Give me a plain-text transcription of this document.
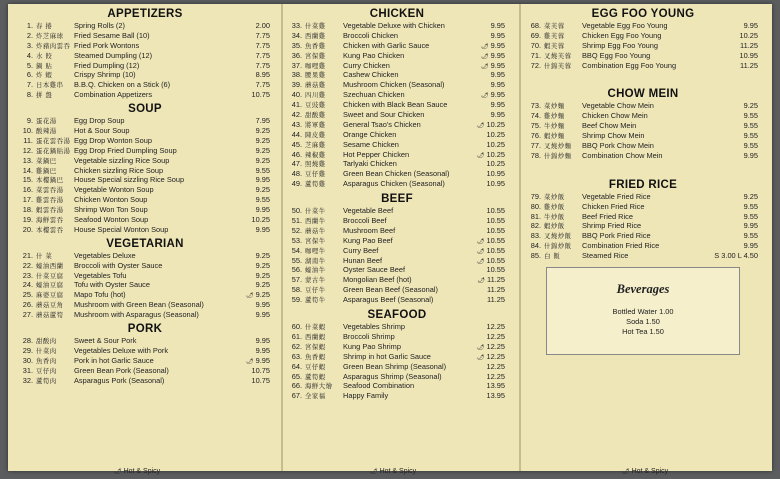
APPETIZERS
1. 春 捲	Spring Rolls (2)	2.00
2. 炸芝麻球	Fried Sesame Ball (10)	7.75
3. 炸豬肉雲吞 Fried Pork Wontons	7.75
4. 水 餃	Steamed Dumpling (12)	7.75
5. 鍋 貼	Fried Dumpling (12)	7.75
6. 炸 蝦	Crispy Shrimp (10)	8.95
7. 日本雞串	B.B.Q. Chicken on a Stick (6)	7.75
8. 拼 盤	Combination Appetizers	10.75
SOUP
9. 蛋花湯	Egg Drop Soup	7.95
10. 酸辣湯	Hot & Sour Soup	9.25
11. 蛋花雲吞湯 Egg Drop Wonton Soup	9.25
12. 蛋花鍋貼湯 Egg Drop Fried Dumpling Soup	9.25
13. 菜鍋巴	Vegetable sizzling Rice Soup	9.25
14. 雞鍋巴	Chicken sizzling Rice Soup	9.55
15. 本樓鍋巴	House Special sizzling Rice Soup	9.95
16. 菜雲吞湯	Vegetable Wonton Soup	9.25
17. 雞雲吞湯	Chicken Wonton Soup	9.55
18. 蝦雲吞湯	Shrimp Won Ton Soup	9.95
19. 海鮮雲吞	Seafood Wonton Soup	10.25
20. 本樓雲吞	House Special Wonton Soup	9.95
VEGETARIAN
21. 什 菜	Vegetables Deluxe	9.25
22. 蠔油西蘭	Broccoli with Oyster Sauce	9.25
23. 什菜豆腐	Vegetables Tofu	9.25
24. 蠔油豆腐	Tofu with Oyster Sauce	9.25
25. 麻婆豆腐	Mapo Tofu (hot)	🌶 9.25
26. 蘑菇豆角	Mushroom with Green Bean (Seasonal)	9.95
27. 蘑菇蘆筍	Mushroom with Asparagus (Seasonal)	9.95
PORK
28. 甜酸肉	Sweet & Sour Pork	9.95
29. 什菜肉	Vegetables Deluxe with Pork	9.95
30. 魚香肉	Pork in hot Garlic Sauce	🌶 9.95
31. 豆仔肉	Green Bean Pork (Seasonal)	10.75
32. 蘆筍肉	Asparagus Pork (Seasonal)	10.75
CHICKEN
33. 什菜雞	Vegetable Deluxe with Chicken	9.95
34. 西蘭雞	Broccoli Chicken	9.95
35. 魚香雞	Chicken with Garlic Sauce	🌶 9.95
36. 宮保雞	Kung Pao Chicken	🌶 9.95
37. 咖哩雞	Curry Chicken	🌶 9.95
38. 腰果雞	Cashew Chicken	9.95
39. 蘑菇雞	Mushroom Chicken (Seasonal)	9.95
40. 四川雞	Szechuan Chicken	🌶 9.95
41. 豆豉雞	Chicken with Black Bean Sauce	9.95
42. 甜酸雞	Sweet and Sour Chicken	9.95
43. 將軍雞	General Tsao's Chicken	🌶 10.25
44. 陳皮雞	Orange Chicken	10.25
45. 芝麻雞	Sesame Chicken	10.25
46. 辣椒雞	Hot Pepper Chicken	🌶 10.25
47. 照燒雞	Tarlyaki Chicken	10.25
48. 豆仔雞	Green Bean Chicken (Seasonal)	10.95
49. 蘆筍雞	Asparagus Chicken (Seasonal)	10.95
BEEF
50. 什菜牛	Vegetable Beef	10.55
51. 西蘭牛	Broccoli Beef	10.55
52. 蘑菇牛	Mushroom Beef	10.55
53. 宮保牛	Kung Pao Beef	🌶 10.55
54. 咖哩牛	Curry Beef	🌶 10.55
55. 湖南牛	Hunan Beef	🌶 10.55
56. 蠔油牛	Oyster Sauce Beef	10.55
57. 蒙古牛	Mongolian Beef (hot)	🌶 11.25
58. 豆仔牛	Green Bean Beef (Seasonal)	11.25
59. 蘆筍牛	Asparagus Beef (Seasonal)	11.25
SEAFOOD
60. 什菜蝦	Vegetables Shrimp	12.25
61. 西蘭蝦	Broccoli Shrimp	12.25
62. 宮保蝦	Kung Pao Shrimp	🌶 12.25
63. 魚香蝦	Shrimp in hot Garlic Sauce	🌶 12.25
64. 豆仔蝦	Green Bean Shrimp (Seasonal)	12.25
65. 蘆筍蝦	Asparagus Shrimp (Seasonal)	12.25
66. 海鮮大燴	Seafood Combination	13.95
67. 全家福	Happy Family	13.95
EGG FOO YOUNG
68. 菜芙蓉	Vegetable Egg Foo Young	9.95
69. 雞芙蓉	Chicken Egg Foo Young	10.25
70. 蝦芙蓉	Shrimp Egg Foo Young	11.25
71. 叉燒芙蓉	BBQ Egg Foo Young	10.95
72. 什錦芙蓉	Combination Egg Foo Young	11.25
CHOW MEIN
73. 菜炒麵	Vegetable Chow Mein	9.25
74. 雞炒麵	Chicken Chow Mein	9.55
75. 牛炒麵	Beef Chow Mein	9.55
76. 蝦炒麵	Shrimp Chow Mein	9.55
77. 叉燒炒麵	BBQ Pork Chow Mein	9.55
78. 什錦炒麵	Combination Chow Mein	9.95
FRIED RICE
79. 菜炒飯	Vegetable Fried Rice	9.25
80. 雞炒飯	Chicken Fried Rice	9.55
81. 牛炒飯	Beef Fried Rice	9.55
82. 蝦炒飯	Shrimp Fried Rice	9.95
83. 叉燒炒飯	BBQ Pork Fried Rice	9.55
84. 什錦炒飯	Combination Fried Rice	9.95
85. 白 飯	Steamed Rice	S 3.00 L 4.50
Beverages
Bottled Water 1.00
Soda 1.50
Hot Tea 1.50
🌶 Hot & Spicy	🌶 Hot & Spicy	🌶 Hot & Spicy
